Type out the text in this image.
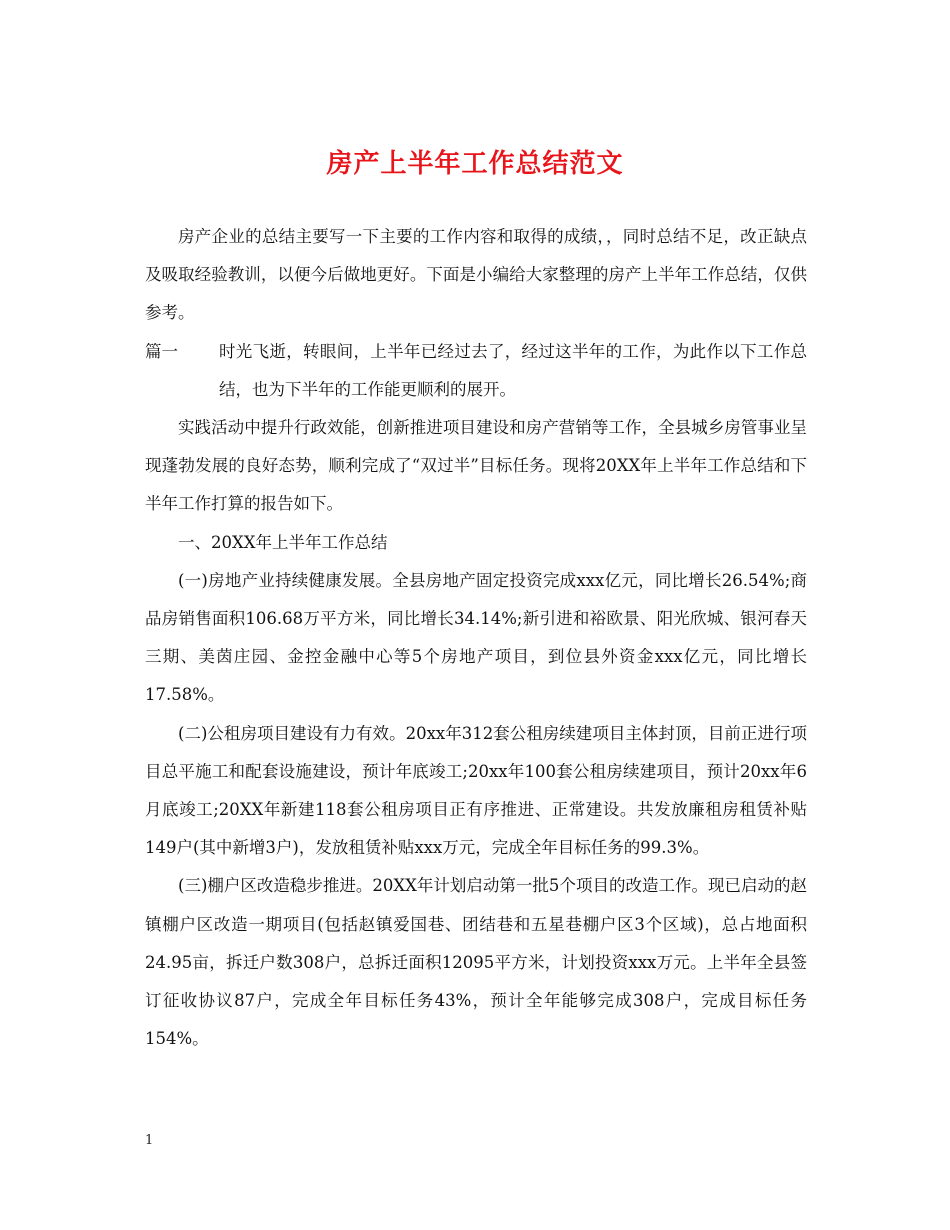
房产上半年工作总结范文

房产企业的总结主要写一下主要的工作内容和取得的成绩，，同时总结不足，改正缺点及吸取经验教训，以便今后做地更好。下面是小编给大家整理的房产上半年工作总结，仅供参考。

篇一	时光飞逝，转眼间，上半年已经过去了，经过这半年的工作，为此作以下工作总结，也为下半年的工作能更顺利的展开。

实践活动中提升行政效能，创新推进项目建设和房产营销等工作，全县城乡房管事业呈现蓬勃发展的良好态势，顺利完成了“双过半”目标任务。现将20XX年上半年工作总结和下半年工作打算的报告如下。

一、20XX年上半年工作总结

(一)房地产业持续健康发展。全县房地产固定投资完成xxx亿元，同比增长26.54%;商品房销售面积106.68万平方米，同比增长34.14%;新引进和裕欧景、阳光欣城、银河春天三期、美茵庄园、金控金融中心等5个房地产项目，到位县外资金xxx亿元，同比增长17.58%。

(二)公租房项目建设有力有效。20xx年312套公租房续建项目主体封顶，目前正进行项目总平施工和配套设施建设，预计年底竣工;20xx年100套公租房续建项目，预计20xx年6月底竣工;20XX年新建118套公租房项目正有序推进、正常建设。共发放廉租房租赁补贴149户(其中新增3户)，发放租赁补贴xxx万元，完成全年目标任务的99.3%。

(三)棚户区改造稳步推进。20XX年计划启动第一批5个项目的改造工作。现已启动的赵镇棚户区改造一期项目(包括赵镇爱国巷、团结巷和五星巷棚户区3个区域)，总占地面积24.95亩，拆迁户数308户，总拆迁面积12095平方米，计划投资xxx万元。上半年全县签订征收协议87户，完成全年目标任务43%，预计全年能够完成308户，完成目标任务154%。

1
